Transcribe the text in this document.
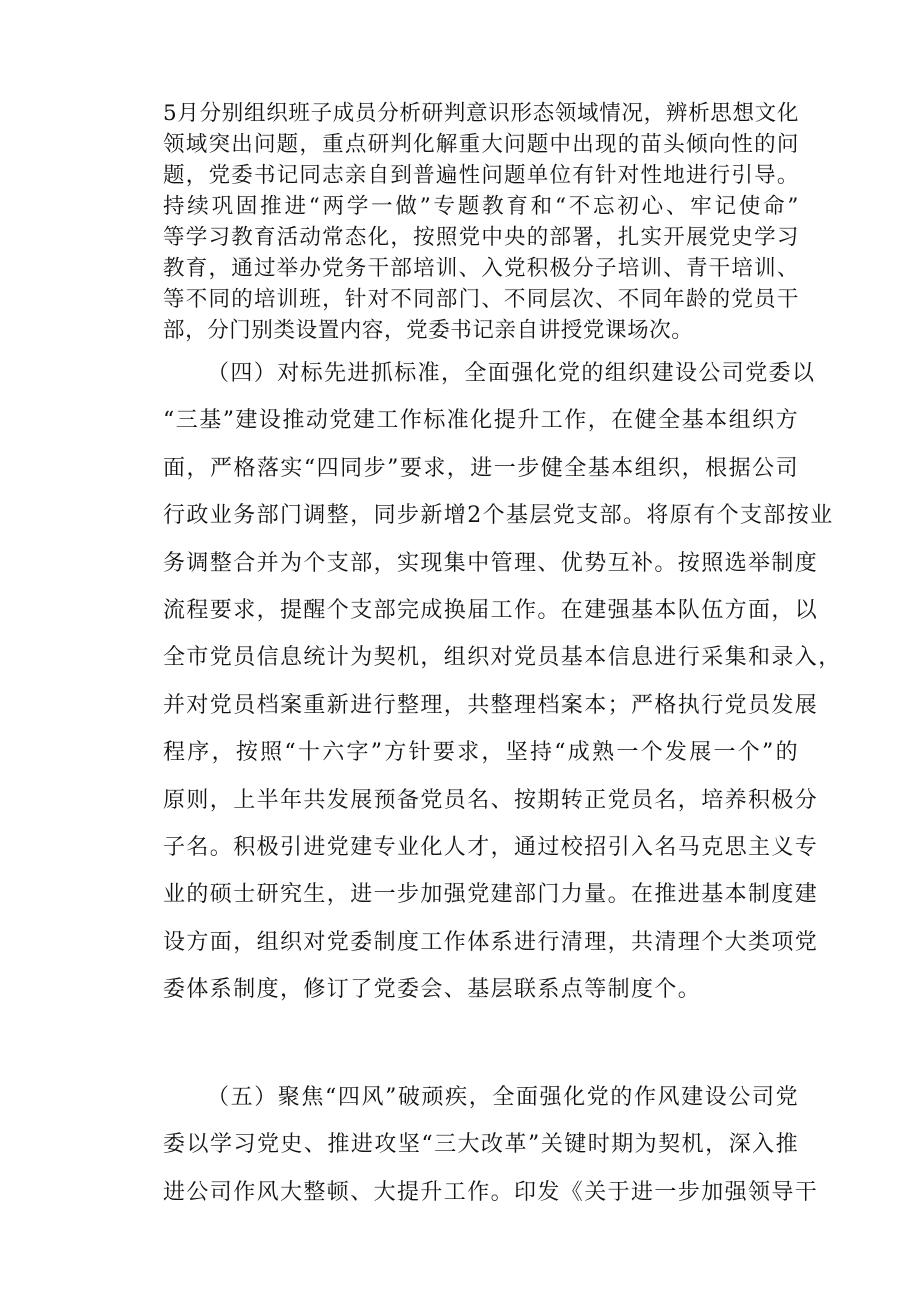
5月分别组织班子成员分析研判意识形态领域情况，辨析思想文化
领域突出问题，重点研判化解重大问题中出现的苗头倾向性的问
题，党委书记同志亲自到普遍性问题单位有针对性地进行引导。
持续巩固推进“两学一做”专题教育和“不忘初心、牢记使命”
等学习教育活动常态化，按照党中央的部署，扎实开展党史学习
教育，通过举办党务干部培训、入党积极分子培训、青干培训、
等不同的培训班，针对不同部门、不同层次、不同年龄的党员干
部，分门别类设置内容，党委书记亲自讲授党课场次。
（四）对标先进抓标准，全面强化党的组织建设公司党委以
“三基”建设推动党建工作标准化提升工作，在健全基本组织方
面，严格落实“四同步”要求，进一步健全基本组织，根据公司
行政业务部门调整，同步新增2个基层党支部。将原有个支部按业
务调整合并为个支部，实现集中管理、优势互补。按照选举制度
流程要求，提醒个支部完成换届工作。在建强基本队伍方面，以
全市党员信息统计为契机，组织对党员基本信息进行采集和录入，
并对党员档案重新进行整理，共整理档案本；严格执行党员发展
程序，按照“十六字”方针要求，坚持“成熟一个发展一个”的
原则，上半年共发展预备党员名、按期转正党员名，培养积极分
子名。积极引进党建专业化人才，通过校招引入名马克思主义专
业的硕士研究生，进一步加强党建部门力量。在推进基本制度建
设方面，组织对党委制度工作体系进行清理，共清理个大类项党
委体系制度，修订了党委会、基层联系点等制度个。
（五）聚焦“四风”破顽疾，全面强化党的作风建设公司党
委以学习党史、推进攻坚“三大改革”关键时期为契机，深入推
进公司作风大整顿、大提升工作。印发《关于进一步加强领导干
